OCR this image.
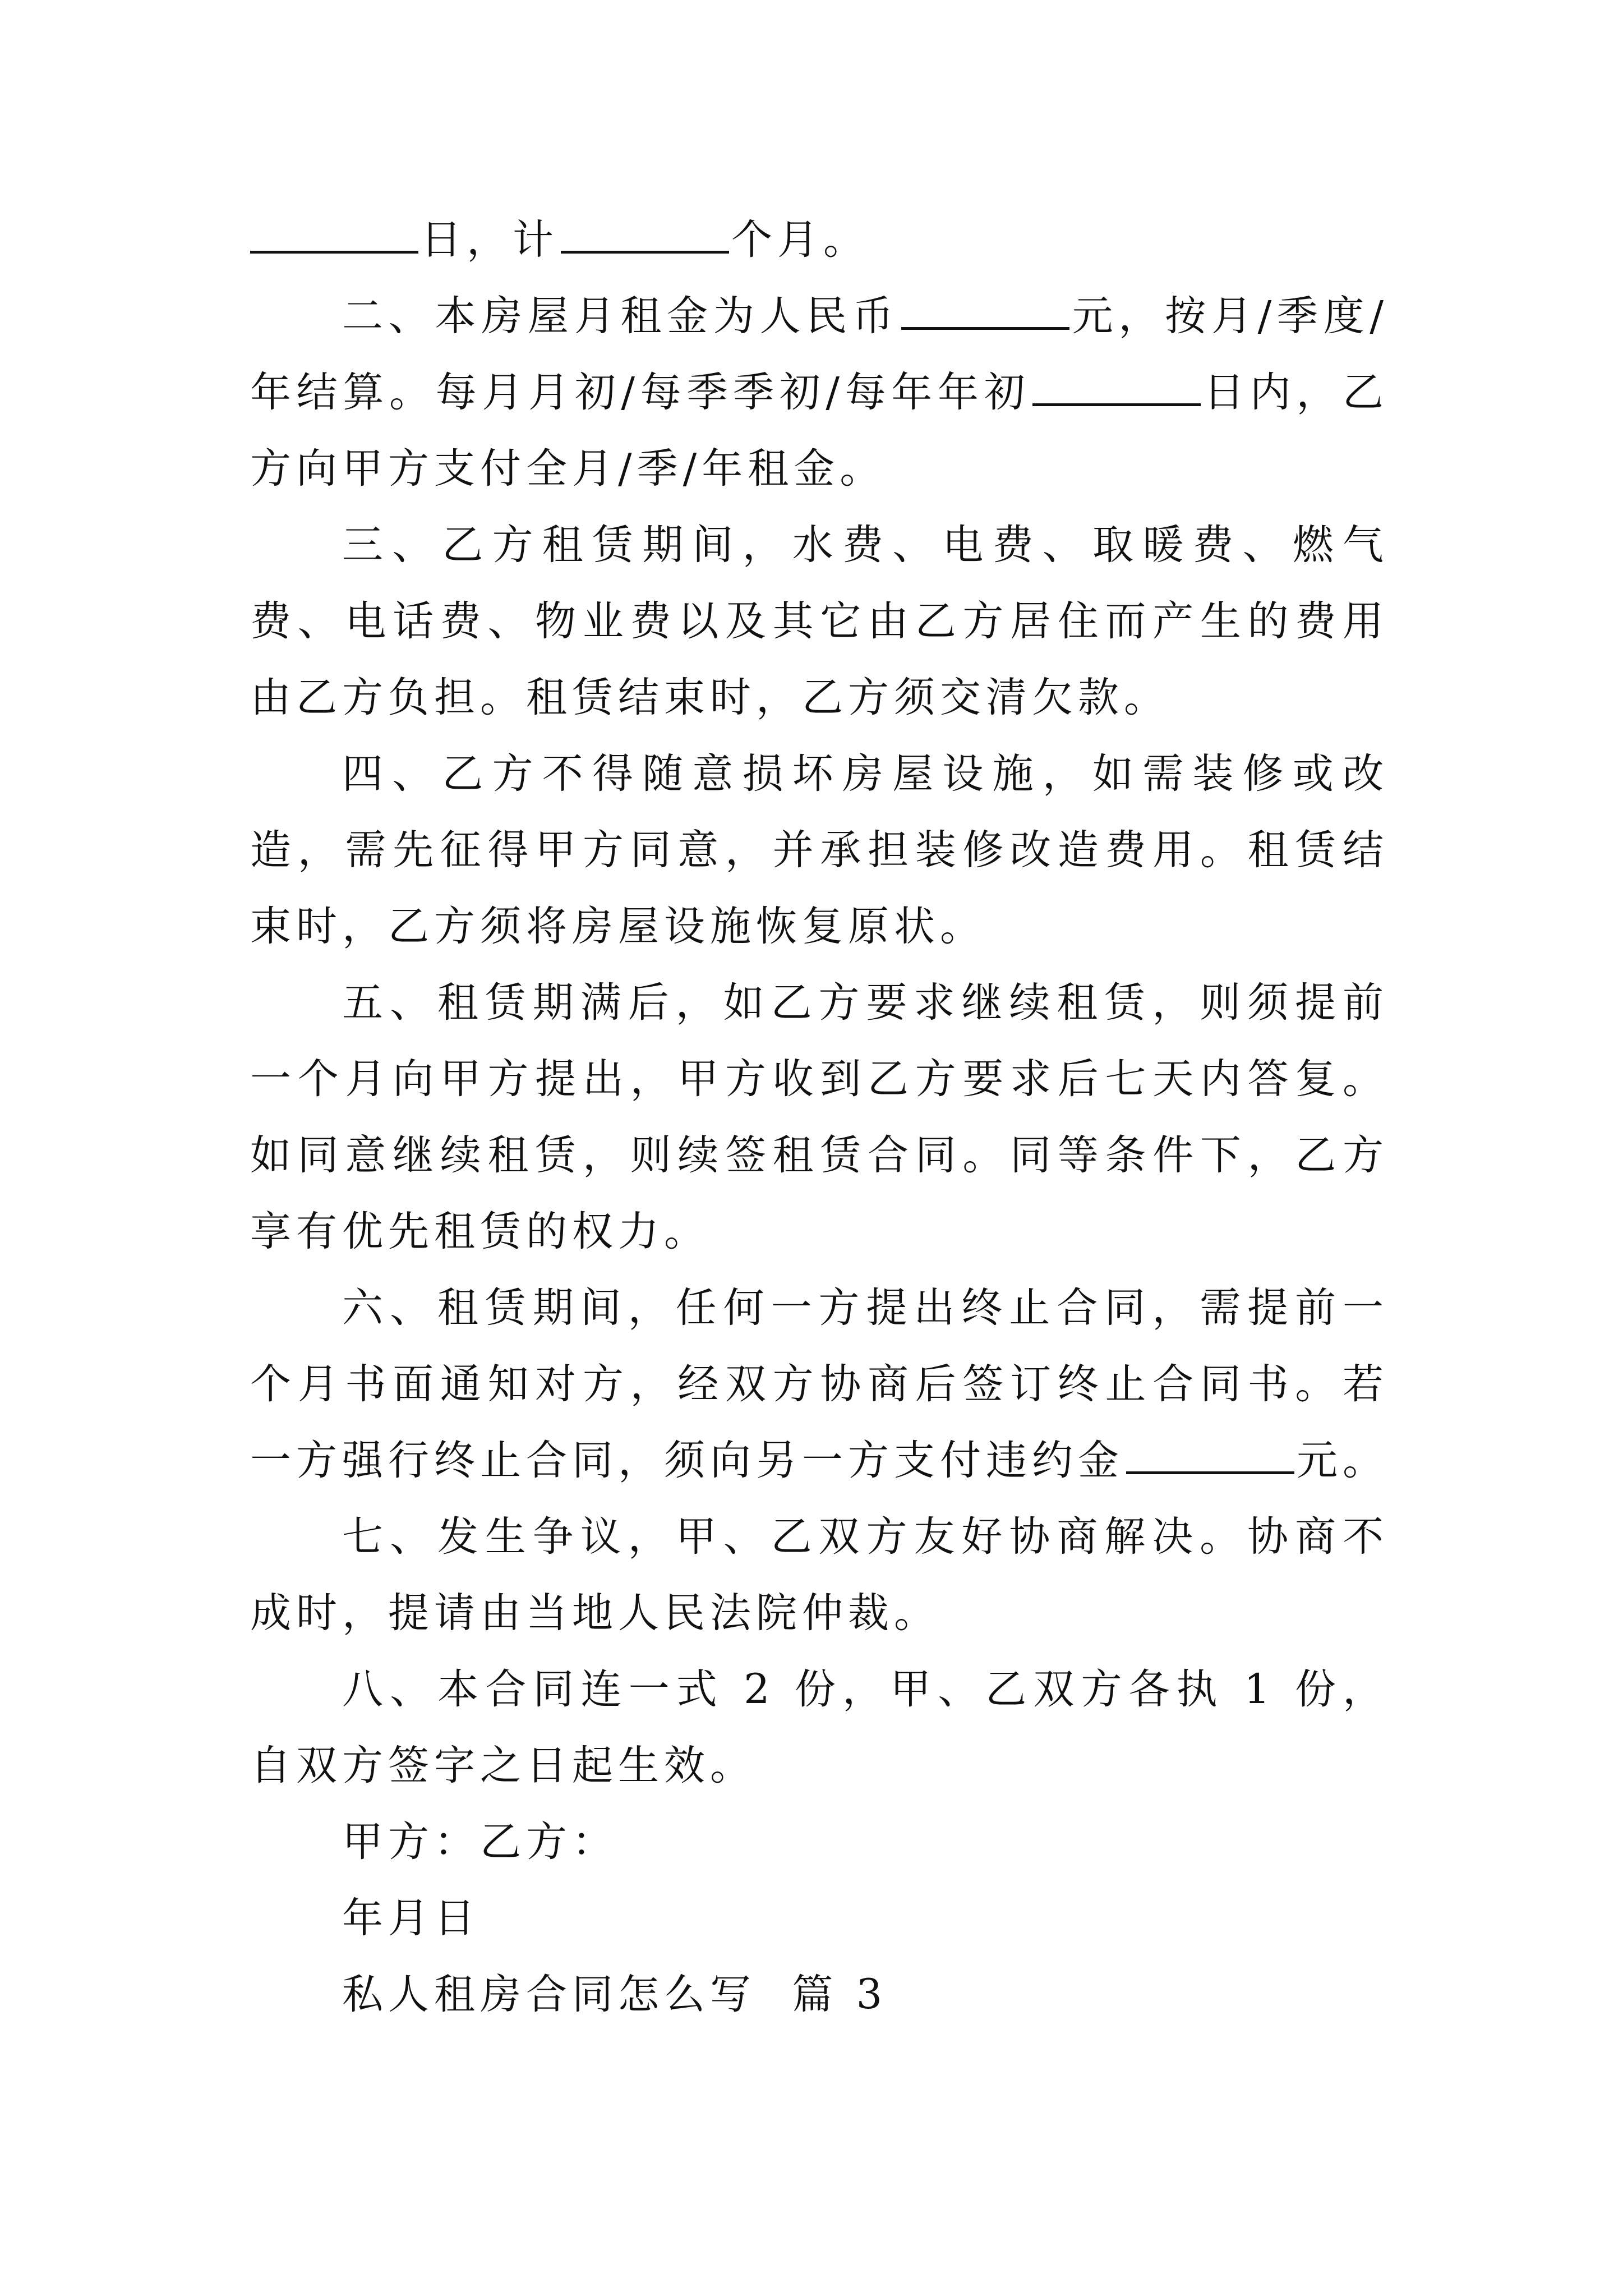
日，计	个月。

二、本房屋月租金为人民币	元，按月/季度/年结算。每月月初/每季季初/每年年初	日内，乙方向甲方支付全月/季/年租金。

三、乙方租赁期间，水费、电费、取暖费、燃气费、电话费、物业费以及其它由乙方居住而产生的费用由乙方负担。租赁结束时，乙方须交清欠款。

四、乙方不得随意损坏房屋设施，如需装修或改造，需先征得甲方同意，并承担装修改造费用。租赁结束时，乙方须将房屋设施恢复原状。

五、租赁期满后，如乙方要求继续租赁，则须提前一个月向甲方提出，甲方收到乙方要求后七天内答复。如同意继续租赁，则续签租赁合同。同等条件下，乙方享有优先租赁的权力。

六、租赁期间，任何一方提出终止合同，需提前一个月书面通知对方，经双方协商后签订终止合同书。若一方强行终止合同，须向另一方支付违约金	元。

七、发生争议，甲、乙双方友好协商解决。协商不成时，提请由当地人民法院仲裁。

八、本合同连一式 2 份，甲、乙双方各执 1 份，自双方签字之日起生效。

甲方：乙方：

年月日

私人租房合同怎么写  篇 3
